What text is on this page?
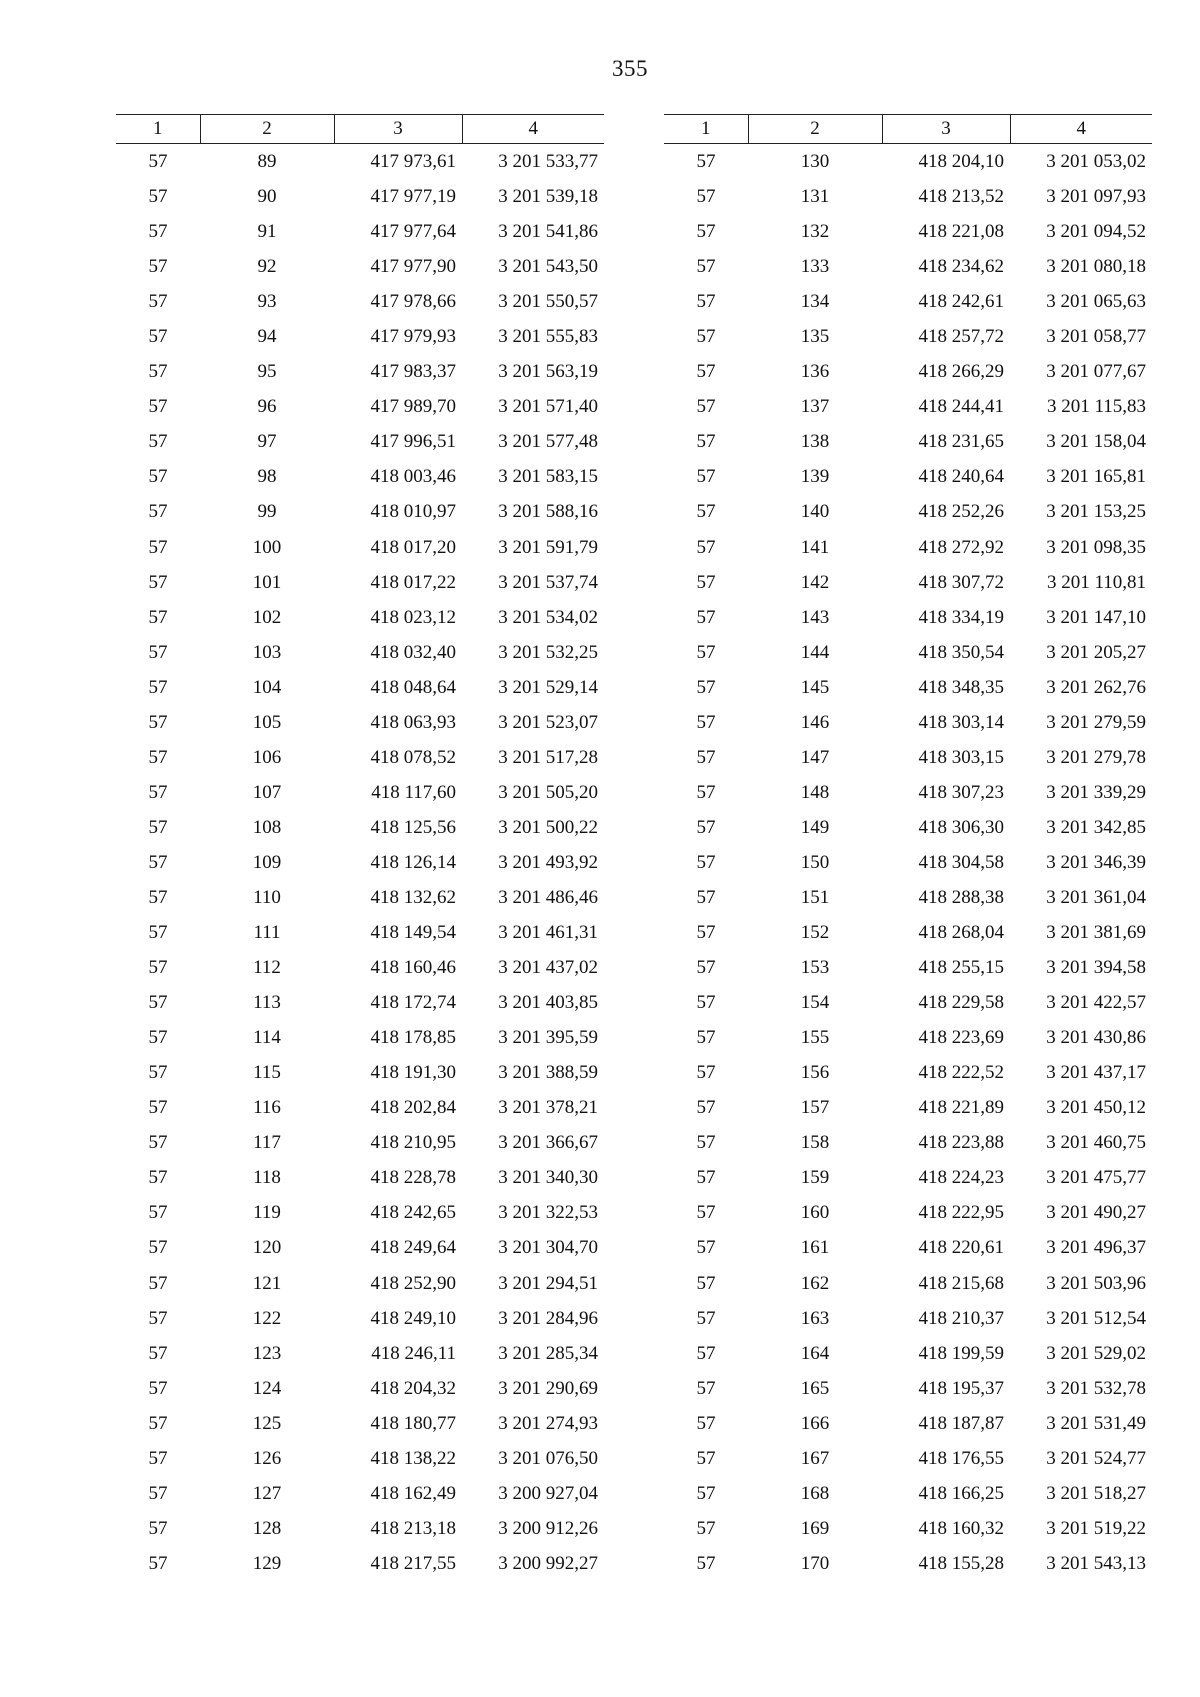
355
1	2	3	4
57	89	417 973,61	3 201 533,77
57	90	417 977,19	3 201 539,18
57	91	417 977,64	3 201 541,86
57	92	417 977,90	3 201 543,50
57	93	417 978,66	3 201 550,57
57	94	417 979,93	3 201 555,83
57	95	417 983,37	3 201 563,19
57	96	417 989,70	3 201 571,40
57	97	417 996,51	3 201 577,48
57	98	418 003,46	3 201 583,15
57	99	418 010,97	3 201 588,16
57	100	418 017,20	3 201 591,79
57	101	418 017,22	3 201 537,74
57	102	418 023,12	3 201 534,02
57	103	418 032,40	3 201 532,25
57	104	418 048,64	3 201 529,14
57	105	418 063,93	3 201 523,07
57	106	418 078,52	3 201 517,28
57	107	418 117,60	3 201 505,20
57	108	418 125,56	3 201 500,22
57	109	418 126,14	3 201 493,92
57	110	418 132,62	3 201 486,46
57	111	418 149,54	3 201 461,31
57	112	418 160,46	3 201 437,02
57	113	418 172,74	3 201 403,85
57	114	418 178,85	3 201 395,59
57	115	418 191,30	3 201 388,59
57	116	418 202,84	3 201 378,21
57	117	418 210,95	3 201 366,67
57	118	418 228,78	3 201 340,30
57	119	418 242,65	3 201 322,53
57	120	418 249,64	3 201 304,70
57	121	418 252,90	3 201 294,51
57	122	418 249,10	3 201 284,96
57	123	418 246,11	3 201 285,34
57	124	418 204,32	3 201 290,69
57	125	418 180,77	3 201 274,93
57	126	418 138,22	3 201 076,50
57	127	418 162,49	3 200 927,04
57	128	418 213,18	3 200 912,26
57	129	418 217,55	3 200 992,27
1	2	3	4
57	130	418 204,10	3 201 053,02
57	131	418 213,52	3 201 097,93
57	132	418 221,08	3 201 094,52
57	133	418 234,62	3 201 080,18
57	134	418 242,61	3 201 065,63
57	135	418 257,72	3 201 058,77
57	136	418 266,29	3 201 077,67
57	137	418 244,41	3 201 115,83
57	138	418 231,65	3 201 158,04
57	139	418 240,64	3 201 165,81
57	140	418 252,26	3 201 153,25
57	141	418 272,92	3 201 098,35
57	142	418 307,72	3 201 110,81
57	143	418 334,19	3 201 147,10
57	144	418 350,54	3 201 205,27
57	145	418 348,35	3 201 262,76
57	146	418 303,14	3 201 279,59
57	147	418 303,15	3 201 279,78
57	148	418 307,23	3 201 339,29
57	149	418 306,30	3 201 342,85
57	150	418 304,58	3 201 346,39
57	151	418 288,38	3 201 361,04
57	152	418 268,04	3 201 381,69
57	153	418 255,15	3 201 394,58
57	154	418 229,58	3 201 422,57
57	155	418 223,69	3 201 430,86
57	156	418 222,52	3 201 437,17
57	157	418 221,89	3 201 450,12
57	158	418 223,88	3 201 460,75
57	159	418 224,23	3 201 475,77
57	160	418 222,95	3 201 490,27
57	161	418 220,61	3 201 496,37
57	162	418 215,68	3 201 503,96
57	163	418 210,37	3 201 512,54
57	164	418 199,59	3 201 529,02
57	165	418 195,37	3 201 532,78
57	166	418 187,87	3 201 531,49
57	167	418 176,55	3 201 524,77
57	168	418 166,25	3 201 518,27
57	169	418 160,32	3 201 519,22
57	170	418 155,28	3 201 543,13
